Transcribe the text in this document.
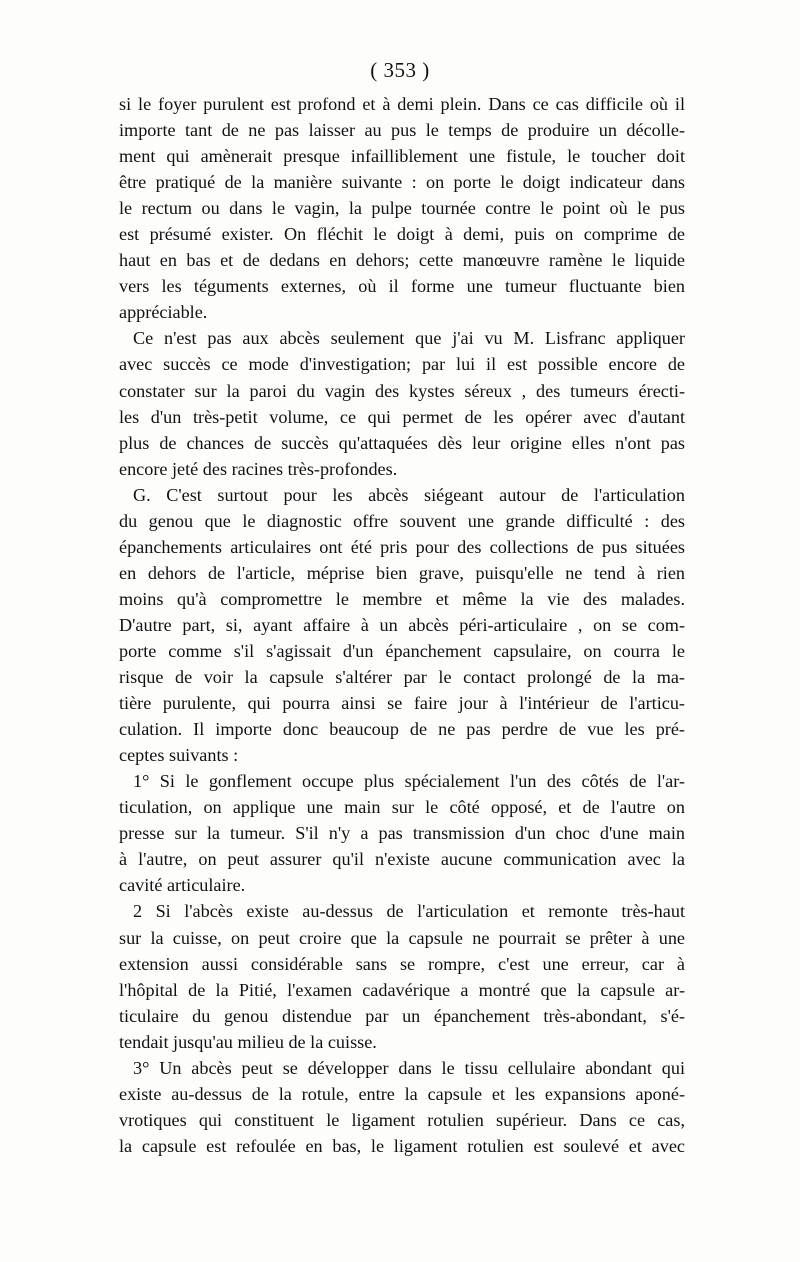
( 353 )
si le foyer purulent est profond et à demi plein. Dans ce cas difficile où il
importe tant de ne pas laisser au pus le temps de produire un décolle-
ment qui amènerait presque infailliblement une fistule, le toucher doit
être pratiqué de la manière suivante : on porte le doigt indicateur dans
le rectum ou dans le vagin, la pulpe tournée contre le point où le pus
est présumé exister. On fléchit le doigt à demi, puis on comprime de
haut en bas et de dedans en dehors; cette manœuvre ramène le liquide
vers les téguments externes, où il forme une tumeur fluctuante bien
appréciable.
Ce n'est pas aux abcès seulement que j'ai vu M. Lisfranc appliquer
avec succès ce mode d'investigation; par lui il est possible encore de
constater sur la paroi du vagin des kystes séreux , des tumeurs érecti-
les d'un très-petit volume, ce qui permet de les opérer avec d'autant
plus de chances de succès qu'attaquées dès leur origine elles n'ont pas
encore jeté des racines très-profondes.
G. C'est surtout pour les abcès siégeant autour de l'articulation
du genou que le diagnostic offre souvent une grande difficulté : des
épanchements articulaires ont été pris pour des collections de pus situées
en dehors de l'article, méprise bien grave, puisqu'elle ne tend à rien
moins qu'à compromettre le membre et même la vie des malades.
D'autre part, si, ayant affaire à un abcès péri-articulaire , on se com-
porte comme s'il s'agissait d'un épanchement capsulaire, on courra le
risque de voir la capsule s'altérer par le contact prolongé de la ma-
tière purulente, qui pourra ainsi se faire jour à l'intérieur de l'articu-
culation. Il importe donc beaucoup de ne pas perdre de vue les pré-
ceptes suivants :
1° Si le gonflement occupe plus spécialement l'un des côtés de l'ar-
ticulation, on applique une main sur le côté opposé, et de l'autre on
presse sur la tumeur. S'il n'y a pas transmission d'un choc d'une main
à l'autre, on peut assurer qu'il n'existe aucune communication avec la
cavité articulaire.
2 Si l'abcès existe au-dessus de l'articulation et remonte très-haut
sur la cuisse, on peut croire que la capsule ne pourrait se prêter à une
extension aussi considérable sans se rompre, c'est une erreur, car à
l'hôpital de la Pitié, l'examen cadavérique a montré que la capsule ar-
ticulaire du genou distendue par un épanchement très-abondant, s'é-
tendait jusqu'au milieu de la cuisse.
3° Un abcès peut se développer dans le tissu cellulaire abondant qui
existe au-dessus de la rotule, entre la capsule et les expansions aponé-
vrotiques qui constituent le ligament rotulien supérieur. Dans ce cas,
la capsule est refoulée en bas, le ligament rotulien est soulevé et avec
